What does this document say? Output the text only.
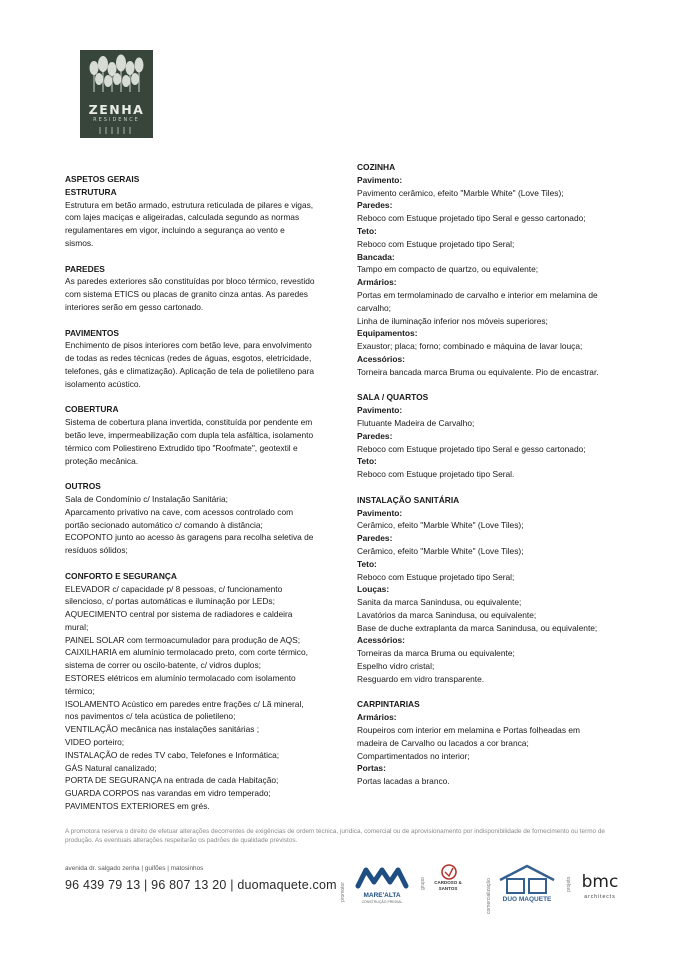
ZENHA
RESIDENCE
ASPETOS GERAIS
ESTRUTURA
Estrutura em betão armado, estrutura reticulada de pilares e vigas,
com lajes maciças e aligeiradas, calculada segundo as normas
regulamentares em vigor, incluindo a segurança ao vento e
sismos.
PAREDES
As paredes exteriores são constituídas por bloco térmico, revestido
com sistema ETICS ou placas de granito cinza antas. As paredes
interiores serão em gesso cartonado.
PAVIMENTOS
Enchimento de pisos interiores com betão leve, para envolvimento
de todas as redes técnicas (redes de águas, esgotos, eletricidade,
telefones, gás e climatização). Aplicação de tela de polietileno para
isolamento acústico.
COBERTURA
Sistema de cobertura plana invertida, constituída por pendente em
betão leve, impermeabilização com dupla tela asfáltica, isolamento
térmico com Poliestireno Extrudido tipo "Roofmate", geotextil e
proteção mecânica.
OUTROS
Sala de Condomínio c/ Instalação Sanitária;
Aparcamento privativo na cave, com acessos controlado com
portão secionado automático c/ comando à distância;
ECOPONTO junto ao acesso às garagens para recolha seletiva de
resíduos sólidos;
CONFORTO E SEGURANÇA
ELEVADOR c/ capacidade p/ 8 pessoas, c/ funcionamento
silencioso, c/ portas automáticas e iluminação por LEDs;
AQUECIMENTO central por sistema de radiadores e caldeira
mural;
PAINEL SOLAR com termoacumulador para produção de AQS;
CAIXILHARIA em alumínio termolacado preto, com corte térmico,
sistema de correr ou oscilo-batente, c/ vidros duplos;
ESTORES elétricos em alumínio termolacado com isolamento
térmico;
ISOLAMENTO Acústico em paredes entre frações c/ Lã mineral,
nos pavimentos c/ tela acústica de polietileno;
VENTILAÇÃO mecânica nas instalações sanitárias ;
VIDEO porteiro;
INSTALAÇÃO de redes TV cabo, Telefones e Informática;
GÁS Natural canalizado;
PORTA DE SEGURANÇA na entrada de cada Habitação;
GUARDA CORPOS nas varandas em vidro temperado;
PAVIMENTOS EXTERIORES em grés.
COZINHA
Pavimento:
Pavimento cerâmico, efeito "Marble White" (Love Tiles);
Paredes:
Reboco com Estuque projetado tipo Seral e gesso cartonado;
Teto:
Reboco com Estuque projetado tipo Seral;
Bancada:
Tampo em compacto de quartzo, ou equivalente;
Armários:
Portas em termolaminado de carvalho e interior em melamina de
carvalho;
Linha de iluminação inferior nos móveis superiores;
Equipamentos:
Exaustor; placa; forno; combinado e máquina de lavar louça;
Acessórios:
Torneira bancada marca Bruma ou equivalente. Pio de encastrar.
SALA / QUARTOS
Pavimento:
Flutuante Madeira de Carvalho;
Paredes:
Reboco com Estuque projetado tipo Seral e gesso cartonado;
Teto:
Reboco com Estuque projetado tipo Seral.
INSTALAÇÃO SANITÁRIA
Pavimento:
Cerâmico, efeito "Marble White" (Love Tiles);
Paredes:
Cerâmico, efeito "Marble White" (Love Tiles);
Teto:
Reboco com Estuque projetado tipo Seral;
Louças:
Sanita da marca Sanindusa, ou equivalente;
Lavatórios da marca Sanindusa, ou equivalente;
Base de duche extraplanta da marca Sanindusa, ou equivalente;
Acessórios:
Torneiras da marca Bruma ou equivalente;
Espelho vidro cristal;
Resguardo em vidro transparente.
CARPINTARIAS
Armários:
Roupeiros com interior em melamina e Portas folheadas em
madeira de Carvalho ou lacados a cor branca;
Compartimentados no interior;
Portas:
Portas lacadas a branco.
A promotora reserva o direito de efetuar alterações decorrentes de exigências de ordem técnica, jurídica, comercial ou de aprovisionamento por indisponibilidade de fornecimento ou termo de produção. As eventuais alterações respeitarão os padrões de qualidade previstos.
avenida dr. salgado zenha | guifões | matosinhos
96 439 79 13 | 96 807 13 20 | duomaquete.com promotor	MARE'ALTA
CONSTRUÇÃO PREDIAL
grupo	CARDOSO & SANTOS	comercialização	DUO MAQUETE
projeto bmc
architects
